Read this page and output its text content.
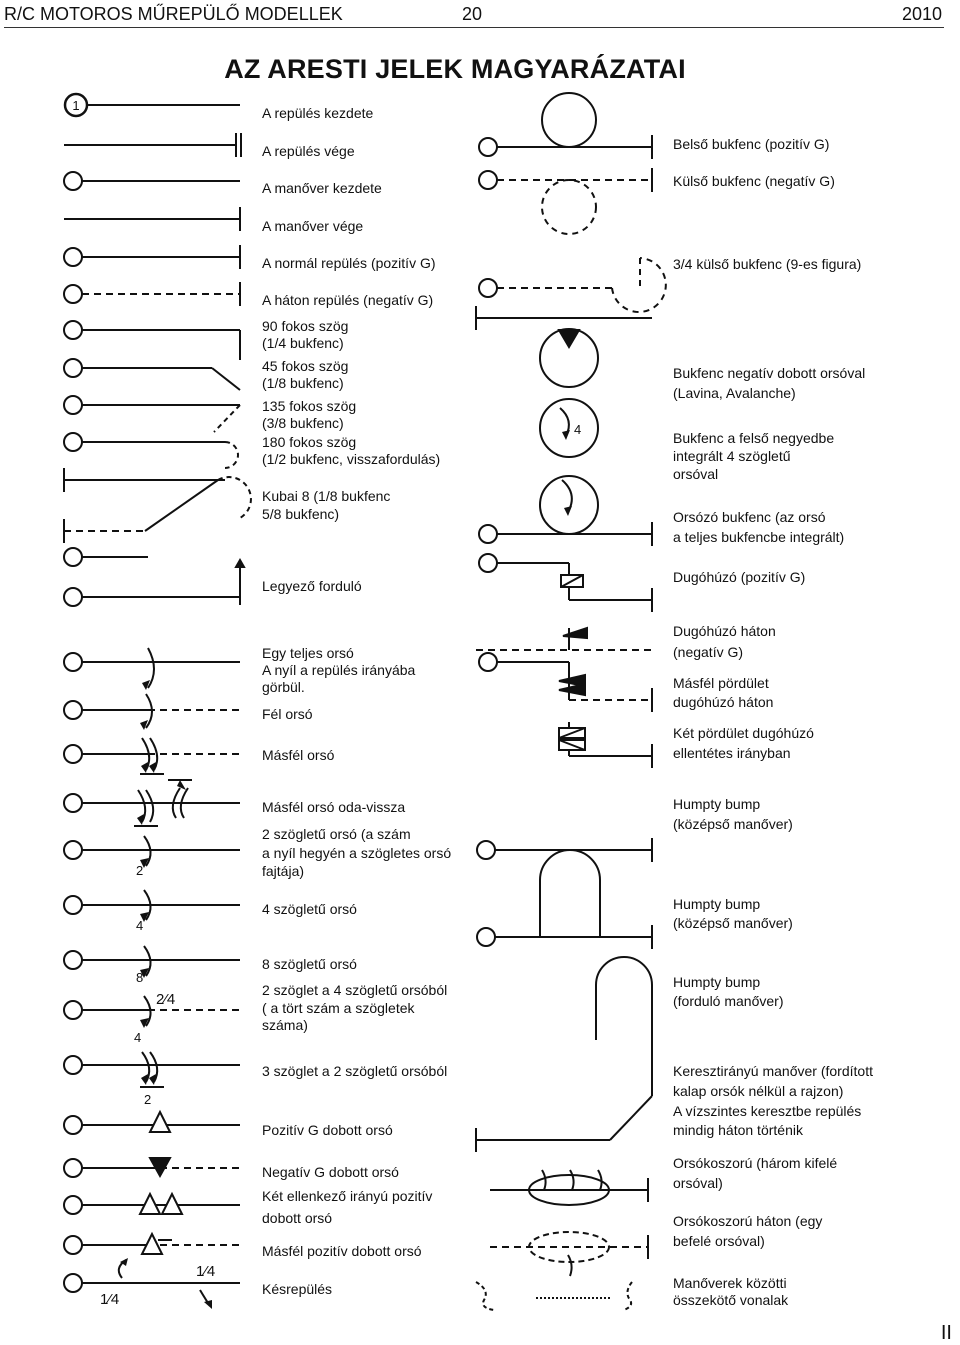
R/C MOTOROS MŰREPÜLŐ MODELLEK	20	2010
AZ ARESTI JELEK MAGYARÁZATAI
1
2
4
8
2⁄4
4
2
1⁄4
1⁄4
4
A repülés kezdete
A repülés vége
A manőver kezdete
A manőver vége
A normál repülés (pozitív G)
A háton repülés (negatív G)
90 fokos szög
(1/4 bukfenc)
45 fokos szög
(1/8 bukfenc)
135 fokos szög
(3/8 bukfenc)
180 fokos szög
(1/2 bukfenc, visszafordulás)
Kubai 8 (1/8 bukfenc
5/8 bukfenc)
Legyező forduló
Egy teljes orsó
A nyíl a repülés irányába
görbül.
Fél orsó
Másfél orsó
Másfél orsó oda-vissza
2 szögletű orsó (a szám
a nyíl hegyén a szögletes orsó
fajtája)
4 szögletű orsó
8 szögletű orsó
2 szöglet a 4 szögletű orsóból
( a tört szám a szögletek
száma)
3 szöglet a 2 szögletű orsóból
Pozitív G dobott orsó
Negatív G dobott orsó
Két ellenkező irányú pozitív
dobott orsó
Másfél pozitív dobott orsó
Késrepülés
Belső bukfenc (pozitív G)
Külső bukfenc (negatív G)
3/4 külső bukfenc (9-es figura)
Bukfenc negatív dobott orsóval
(Lavina, Avalanche)
Bukfenc a felső negyedbe
integrált 4 szögletű
orsóval
Orsózó bukfenc (az orsó
a teljes bukfencbe integrált)
Dugóhúzó (pozitív G)
Dugóhúzó háton
(negatív G)
Másfél pördület
dugóhúzó háton
Két pördület dugóhúzó
ellentétes irányban
Humpty bump
(középső manőver)
Humpty bump
(középső manőver)
Humpty bump
(forduló manőver)
Keresztirányú manőver (fordított
kalap orsók nélkül a rajzon)
A vízszintes keresztbe repülés
mindig háton történik
Orsókoszorú (három kifelé
orsóval)
Orsókoszorú háton (egy
befelé orsóval)
Manőverek közötti
összekötő vonalak
II
